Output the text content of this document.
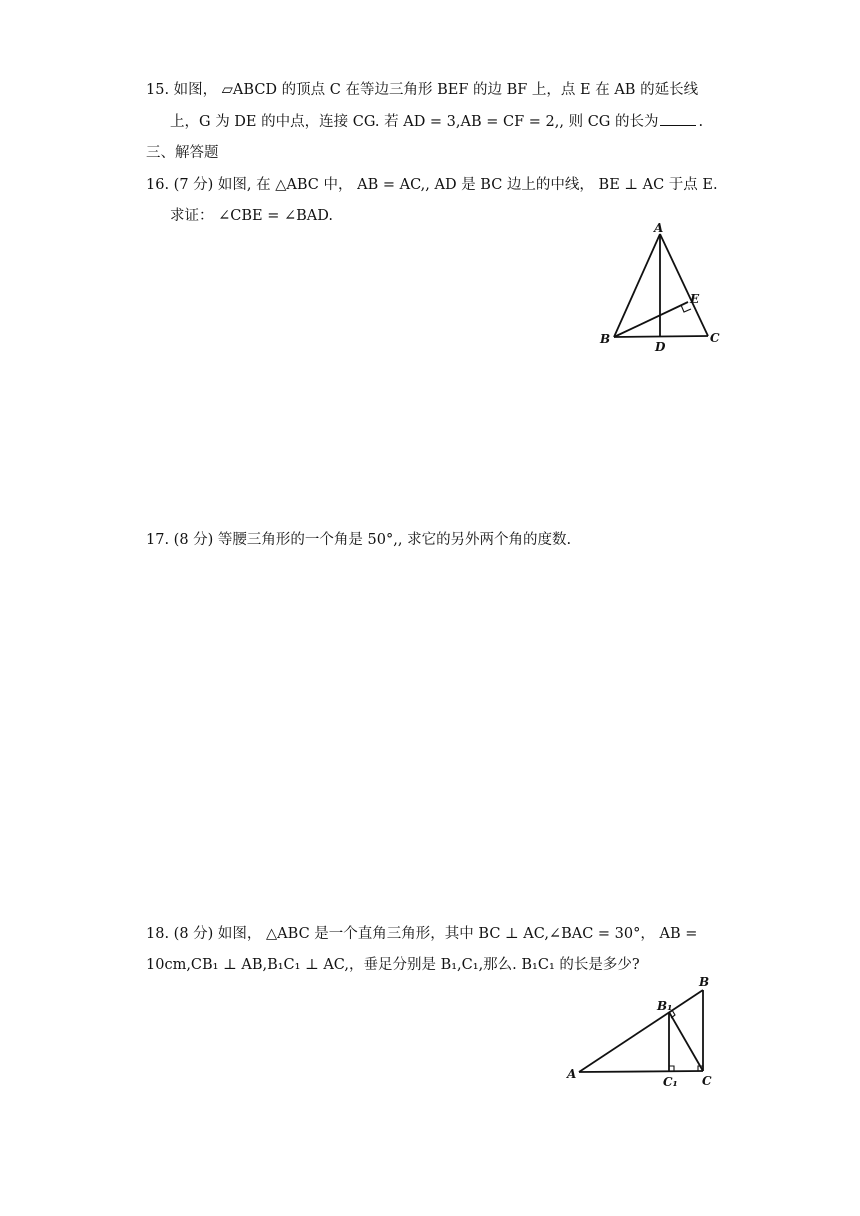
15. 如图， ▱ABCD 的顶点 C 在等边三角形 BEF 的边 BF 上，点 E 在 AB 的延长线
上，G 为 DE 的中点，连接 CG. 若 AD = 3,AB = CF = 2,, 则 CG 的长为	.
三、解答题
16. (7 分) 如图, 在 △ABC 中， AB = AC,, AD 是 BC 边上的中线， BE ⊥ AC 于点 E.
求证： ∠CBE = ∠BAD.
A
B	C
D
E
17. (8 分) 等腰三角形的一个角是 50°,, 求它的另外两个角的度数.
18. (8 分) 如图， △ABC 是一个直角三角形，其中 BC ⊥ AC,∠BAC = 30°， AB =
10cm,CB₁ ⊥ AB,B₁C₁ ⊥ AC,，垂足分别是 B₁,C₁,那么. B₁C₁ 的长是多少?
A
B
C
B₁
C₁
